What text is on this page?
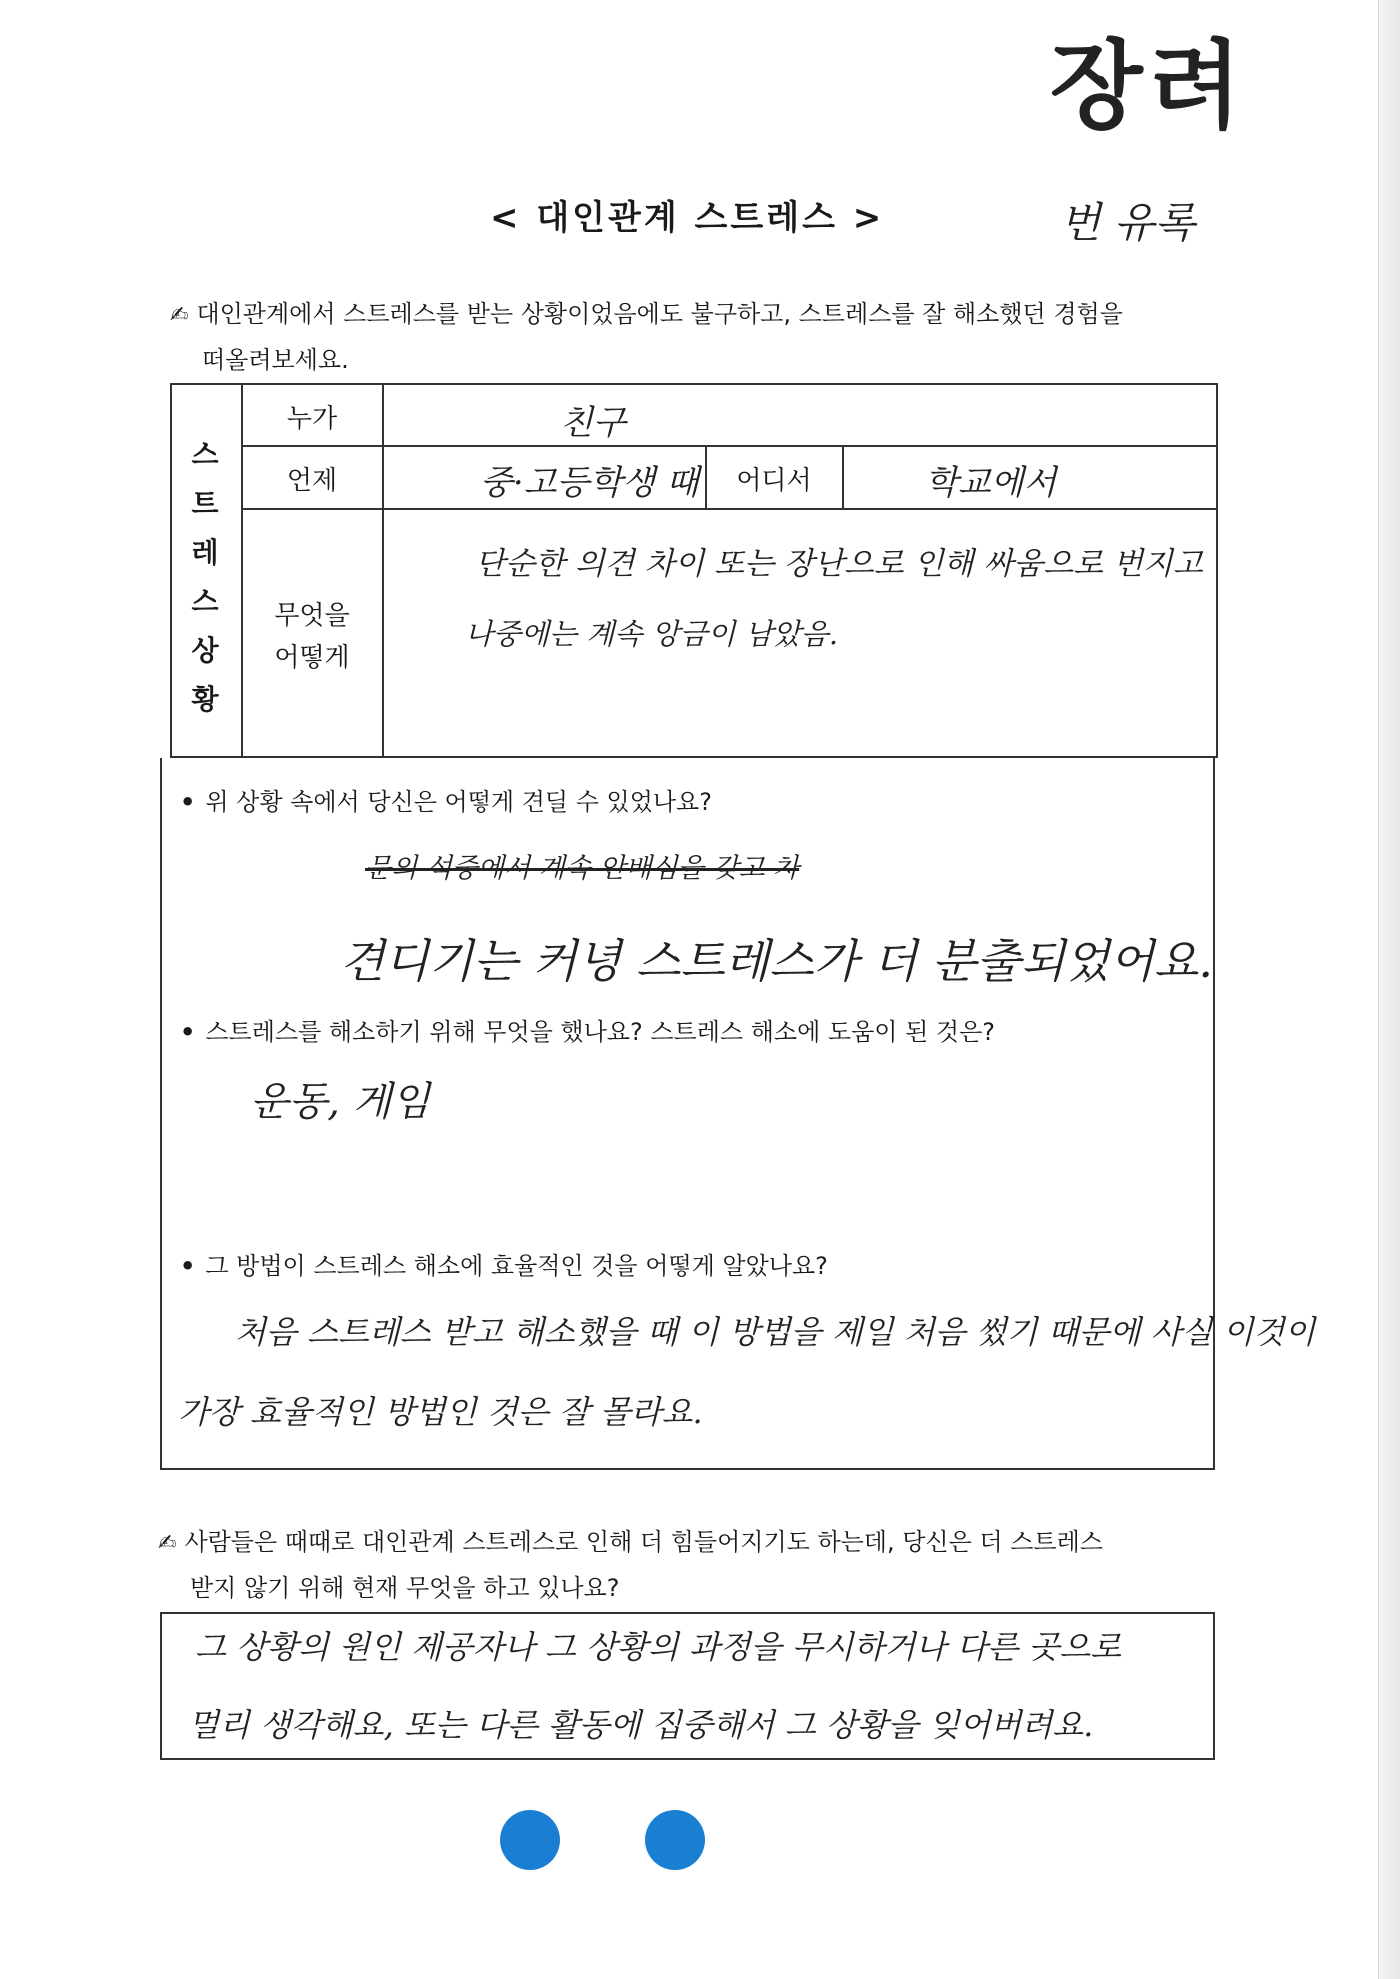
장려
< 대인관계 스트레스 >	번 유록
✍ 대인관계에서 스트레스를 받는 상황이었음에도 불구하고, 스트레스를 잘 해소했던 경험을
떠올려보세요.
스
트
레
스
상
황
누가	친구
언제	중·고등학생 때	어디서	학교에서
무엇을
어떻게
단순한 의견 차이 또는 장난으로 인해 싸움으로 번지고
나중에는 계속 앙금이 남았음.
• 위 상황 속에서 당신은 어떻게 견딜 수 있었나요?
문의 석중에서 계속 안배심을 갖고 차
견디기는 커녕 스트레스가 더 분출되었어요.
• 스트레스를 해소하기 위해 무엇을 했나요? 스트레스 해소에 도움이 된 것은?
운동, 게임
• 그 방법이 스트레스 해소에 효율적인 것을 어떻게 알았나요?
처음 스트레스 받고 해소했을 때 이 방법을 제일 처음 썼기 때문에 사실 이것이
가장 효율적인 방법인 것은 잘 몰라요.
✍ 사람들은 때때로 대인관계 스트레스로 인해 더 힘들어지기도 하는데, 당신은 더 스트레스
받지 않기 위해 현재 무엇을 하고 있나요?
그 상황의 원인 제공자나 그 상황의 과정을 무시하거나 다른 곳으로
멀리 생각해요, 또는 다른 활동에 집중해서 그 상황을 잊어버려요.
